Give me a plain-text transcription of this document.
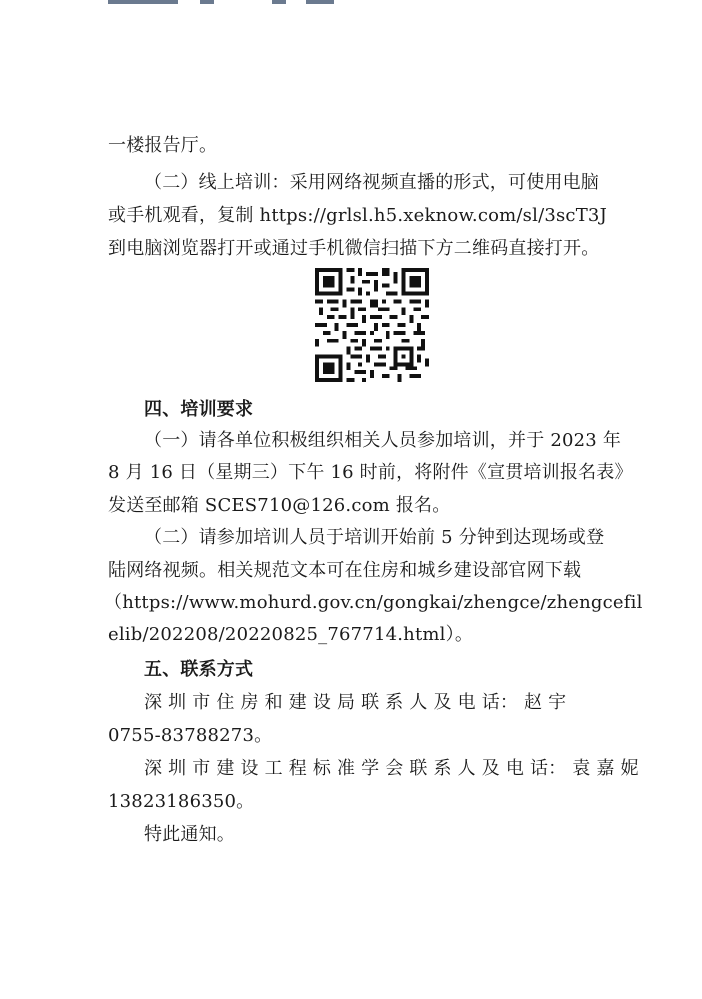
一楼报告厅。
（二）线上培训：采用网络视频直播的形式，可使用电脑
或手机观看，复制 https://grlsl.h5.xeknow.com/sl/3scT3J
到电脑浏览器打开或通过手机微信扫描下方二维码直接打开。
四、培训要求
（一）请各单位积极组织相关人员参加培训，并于 2023 年
8 月 16 日（星期三）下午 16 时前，将附件《宣贯培训报名表》
发送至邮箱 SCES710@126.com 报名。
（二）请参加培训人员于培训开始前 5 分钟到达现场或登
陆网络视频。相关规范文本可在住房和城乡建设部官网下载
（https://www.mohurd.gov.cn/gongkai/zhengce/zhengcefil
elib/202208/20220825_767714.html）。
五、联系方式
深 圳 市 住 房 和 建 设 局 联 系 人 及 电 话： 赵 宇
0755-83788273。
深 圳 市 建 设 工 程 标 准 学 会 联 系 人 及 电 话： 袁 嘉 妮
13823186350。
特此通知。
